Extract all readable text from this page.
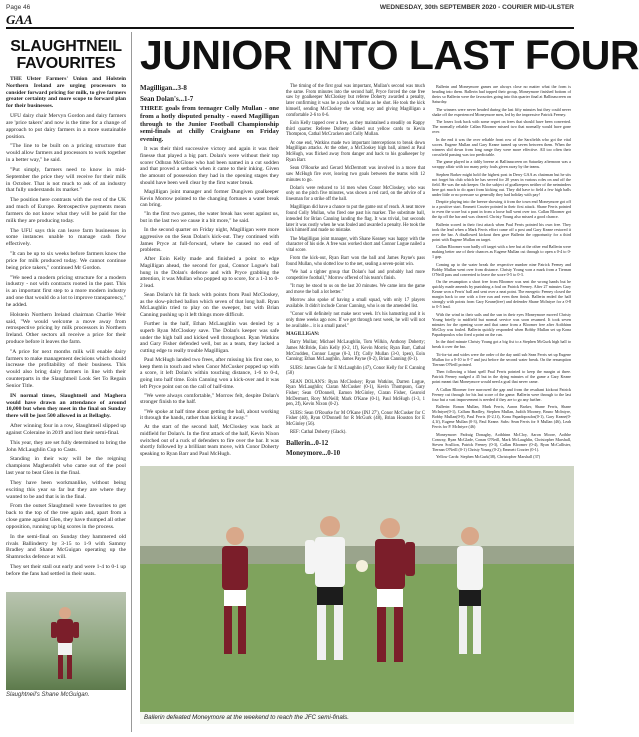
Page 46	WEDNESDAY, 30th SEPTEMBER 2020 - COURIER MID-ULSTER
GAA
SLAUGHTNEIL FAVOURITES

THE Ulster Farmers' Union and Holstein Northern Ireland are urging processors to consider forward pricing for milk, to give farmers greater certainty and more scope to forward plan for their businesses.

UFU dairy chair Mervyn Gordon and dairy farmers are 'price takers' and now is the time for a change of approach to put dairy farmers in a more sustainable position.

"The line to be built on a pricing structure that would allow farmers and processors to work together in a better way," he said.

"Put simply, farmers need to know in mid-September the price they will receive for their milk in October. That is not much to ask of an industry that fully understands its market."

The position here contrasts with the rest of the UK and much of Europe. Retrospective payments mean farmers do not know what they will be paid for the milk they are producing today.

The UFU says this can leave farm businesses in some instances unable to manage cash flow effectively.

"It can be up to six weeks before farmers know the price for milk produced today. We cannot continue being price takers," continued Mr Gordon.

"We need a modern pricing structure for a modern industry - not with contracts rooted in the past. This is an important first step to a more modern industry and one that would do a lot to improve transparency," he added.

Holstein Northern Ireland chairman Charlie Weir said, "We would welcome a move away from retrospective pricing by milk processors in Northern Ireland. Other sectors all receive a price for their produce before it leaves the farm.

"A price for next months milk will enable dairy farmers to make management decisions which should increase the profitability of their business. This would also bring dairy farmers in line with their counterparts in the Slaughtneil Look Set To Regain Senior Title.

IN normal times, Slaughtneil and Maghera would have drawn an attendance of around 10,000 but when they meet in the final on Sunday there will be just 500 allowed in at Bellaghy.

After winning four in a row, Slaughtneil slipped up against Coleraine in 2019 and lost their semi-final.

This year, they are set fully determined to bring the John McLaughlin Cup to Casts.

Standing in their way will be the reigning champions Magherafelt who came out of the pool last year to beat Glen in the final.

They have been workmanlike, without being exciting this year so far but they are where they wanted to be and that is in the final.

From the outset Slaughtneil were favourites to get back to the top of the tree again and, apart from a close game against Glen, they have thumped all other opposition, running up big scores in the process.

In the semi-final on Sunday they hammered old rivals Ballinderry by 3-15 to 1-9 with Sammy Bradley and Shane McGuigan operating up the Shamrocks defence at will.

They set their stall out early and were 1-4 to 0-1 up before the fans had settled in their seats.

Slaughtneil's Shane McGuigan.
JUNIOR INTO LAST FOUR

Magilligan...3-8

Sean Dolan's...1-7

THREE goals from teenager Colly Mullan - one from a hotly disputed penalty - eased Magilligan through to the Junior Football Championship semi-finals at chilly Craigbane on Friday evening.

It was their third successive victory and again it was their finesse that played a big part. Dolan's were without their top scorer Odhran McGlone who had been named in a cut sodden and that proved a setback when it came to their inking. Given the amount of possession they had in the opening stages they should have been well clear by the first water break.

Magilligan joint manager and former Dungiven goalkeeper Kevin Morrow pointed to the changing fortunes a water break can bring.

"In the first two games, the water break has went against us, but in the last two we cause it a bit more," he said.

In the second quarter on Friday night, Magilligan were more aggressive on the Sean Dolan's kick-out. They continued with James Pryce at full-forward, where he caused no end of problems.

After Eoin Kelly made and finished a point to edge Magilligan ahead, the second for goal, Connor Logue's ball hung in the Dolan's defence and with Pryce grabbing the attention, it was Mullan who popped up to score, for a 1-3 to 0-2 lead.

Sean Dolan's hit fit back with points from Paul McCloskey, as the slow-pitched ballon which seven of that long ball. Ryan McLaughlin tried to play on the sweeper, but with Brian Canning pushing up it left things more difficult.

Further in the half, Ethan McLaughlin was denied by a superb Ryan McCloskey save. The Dolan's keeper was safe under the high ball and kicked well throughout. Ryan Watkins and Gary Fisher defended well, but as a team, they lacked a cutting edge to really trouble Magilligan.

Paul McHugh landed two frees, after missing his first one, to keep them in touch and when Conor McCusker popped up with a score, it left Dolan's within touching distance, 1-6 to 0-4, going into half time. Eoin Canning won a kick-over and it was left Pryce point out on the call of half-time.

"We were always comfortable," Morrow felt, despite Dolan's stronger finish to the half.

"We spoke at half time about getting the ball, about working it through the hands, rather than kicking it away."

At the start of the second half, McCloskey was back at midfield for Dolan's. In the first attack of the half, Kevin Nixon switched out of a ruck of defenders to fire over the bar. It was shortly followed by a brilliant team move, with Conor Doherty speaking to Ryan Barr and Paul McHugh.

The timing of the first goal was important, Mullan's second was much the same. From minutes into the second half, Pryce forced the one free saw by goalkeeper McCloskey but referee Doherty awarded a penalty, later confirming it was he a push on Mullan as he shot. He took the kick himself, sending McCloskey the wrong way and giving Magilligan a comfortable 2-6 to 0-6.

Eoin Kelly tapped over a free, as they maintained a steadily on Rappy third quarter. Referee Doherty dished out yellow cards to Kevin Thompson, Cathal McCracken and Colly Mullan.

At one end, Watkins made two important interceptions to break down Magilligan attacks. At the other, a McCloskey high ball, aimed at Paul McHugh, was flicked away from danger and back to his goalkeeper by Ryan Barr.

Sean O'Rourke and Gerard McDermott was involved in a move that saw McHugh fire over, leaving two goals between the teams with 12 minutes to go.

Dolan's were reduced to 14 men when Conor McCloskey, who was only on the pitch five minutes, was shown a red card, on the advice of a linesman for a strike off the ball.

Magilligan did have a chance to put the game out of reach. A neat move found Colly Mullan, who fired one past his marker. The substitute ball, intended for Brian Canning landing the flag. It was trivial, but seconds later it was costly when he was fouled and awarded a penalty. He took the kick himself and made no mistake.

The Magilligan joint manager, with Shane Keaney was happy with the character of his side. A free was worked short and Connor Logue nailed a vital score.

From the kick-out, Ryan Barr won the ball and James Payne's pass found Mullan, who slotted low to the net, sealing a seven-point win.

"We had a tighter group that Dolan's had and probably had more competitive football," Morrow offered of his team's finish.

"It may be stood to us on the last 20 minutes. We came into the game and move the ball a lot better."

Morrow also spoke of having a small squad, with only 17 players available. It didn't include Conor Canning, who is on the amended list.

"Conor will definitely not make next week. It's his hamstring and it is only three weeks ago now. If we get through next week, he will will not be available... it is a small panel."

MAGILLIGAN:

Barry Mullan; Michael McLaughlin, Tom Wilkin, Anthony Doherty; James McBride, Eoin Kelly (0-2, 1f), Kevin Morris; Ryan Barr, Cathal McCrudden, Connor Logue (0-3, 1f); Colly Mullan (3-0, 1pen), Eoin Canning; Ethan McLaughlin, James Payne (0-2), Brian Canning (0-1).

SUBS: James Gale for E McLaughlin (47), Conor Kelly for E Canning (58)

SEAN DOLAN'S: Ryan McCloskey; Ryan Watkins, Darren Logue, Ryan McLaughlin; Ciaran McCusker (0-1), Kevin Thompson, Gary Fisher; Sean O'Donnell, Eamon McGinley, Ciaran Fisher, Gearoid McDermott, Rory McNeill; Mark O'Kane (0-1), Paul McHugh (1-3, 1 pen, 2f), Kevin Nixon (0-2).

SUBS: Sean O'Rourke for M O'Kane (INJ 27'), Conor McCusker for C Fisher (40), Ryan O'Donnell for R McGurk (48), Brian Houston for E McGinley (56).

REF: Cathal Doherty (Glack).

Ballerin...0-12

Moneymore...0-10

Ballerin and Moneymore games are always close no matter what the form is heading into them. Ballerin had topped their group, Moneymore finished bottom of theirs so Ballerin were the favourites going into this quarter final at Ballinascreen on Saturday.

The winners were never headed during the last fifty minutes but they could never shake off the experienced Moneymore men, led by the impressive Patrick Feeney.

The losers look back with some regret on frees that should have been converted. The normally reliable Callan Bloomer missed two that normally would have gone over.

In the end it was the over reliable front row of the Sarsfields who got the vital scores. Eugene Mullan and Gary Keane turned up seven between them. When the winners slid down from long range they were more effective. All too often their crossfield passing was too predictable.

The game played in a tidily breeze at Ballinascreen on Saturday afternoon was a scrappy affair with too many petty fouls given away by the teams.

Stephen Barker might hold the highest post in Derry GAA as chairman but he sits not forget his club which he has served for 20 years in various roles on and off the field. He was the sub keeper. On the subject of goalkeepers neither of the netminders here got much to do apart from kicking out. They did have to field a few high balls under little or no pressure so generally they had holiday with pay!

Despite playing into the breeze showing it from the town end Moneymore got off to a positive start. Emmett Crozier pointed in their first attack. Shane Ferris pointed to even the score but a punt in from a loose ball went over too. Callan Bloomer got the tip off the bar and was cleared. Christy Young also missed a good chance.

Ballerin scored in their first attack when Paul Ferris pointed his own free. They took the lead when a Mark Ferris effort came off a post and Gary Keane restored it over the bar. A disallowed kickout then gave Ballerin the opportunity for a third point with Eugene Mullan on target.

Callan Bloomer won badly off target with a free but at the other end Ballerin were making better use of their chances as Eugene Mullan cut through to open a 0-4 to 0-1 gap.

Coming up to the water break the respective number nine Patrick Feeney and Bobby Mullan went over from distance. Christy Young won a mark from a Tiernan O'Neill pass and converted to leave the score 0-5 to 0-3.

On the resumption a short free from Bloomer was sent the wrong hands but he quickly made amends by punishing a foul on Patrick Feeney. After 27 minutes Gary Keane won a Ferris' ball and sent over a neat point. The energetic Feeney closed the margin back to one with a free run and even then finish. Ballerin ended the half strongly with points from Gary Keane(free) and defender Shane McIntyre for a 0-8 to 0-5 lead.

With the wind in their sails and the sun in their eyes Moneymore moved Christy Young briefly to midfield but normal service was soon resumed. It took seven minutes for the opening score and that came from a Bloomer free after Aoibhinn McCloy was fouled. Ballerin quickly responded when Bobby Mullan set up Kona Papadopoulos who fired a point on the run.

In the third minute Christy Young got a big fist to a Stephen McGurk high ball to break it over the bar.

Tit-for-tat and wides were the order of the day until sub Sean Ferris set up Eugene Mullan for a 0-10 to 0-7 and just before the second water break. On the resumption Tiernan O'Neill pointed.

Then following a blunt spell Paul Ferris pointed to keep the margin at three. Patrick Feeney nudged a 45 but in the dying minutes of the game a Gary Keane point meant that Moneymore would need a goal that never came.

A Callan Bloomer free narrowed the gap and from the resultant kickout Patrick Feeney cut through for his last score of the game. Ballerin were through to the last four but a vast improvement is needed if they are to go any further.

Ballerin: Ronan Mullan, Mark Ferris, Aaron Barker, Shane Ferris, Shane McIntyre(0-1), Callum Bradley, Stephen Mullan, Judith Mooney, Bruno McIntyre, Bobby Mullan(0-0), Paul Ferris (0-2,1f), Kona Papadopoulos(0-1), Gary Keane(0-4,1f), Eugene Mullan (0-3), Paul Keane. Subs: Sean Ferris for S Mullan (46), Leah Ferris for P. McIntyre (46)

Moneymore: Padraig Donaghy, Aoibhinn McCloy, Aaron Moore, Aoibhe Conway, Ryan McGlade, Conan O'Neill, Mark McLaughlin, Christopher Marshall, Steven Scullion, Patrick Feeney (0-3), Callan Bloomer (0-4), Ryan McCallister, Tiernan O'Neill (0-1) Christy Young (0-2); Emmett Crozier (0-1).

Yellow Cards: Stephen McGurk(38), Christopher Marshall (37)

Ballerin defeated Moneymore at the weekend to reach the JFC semi-finals.
